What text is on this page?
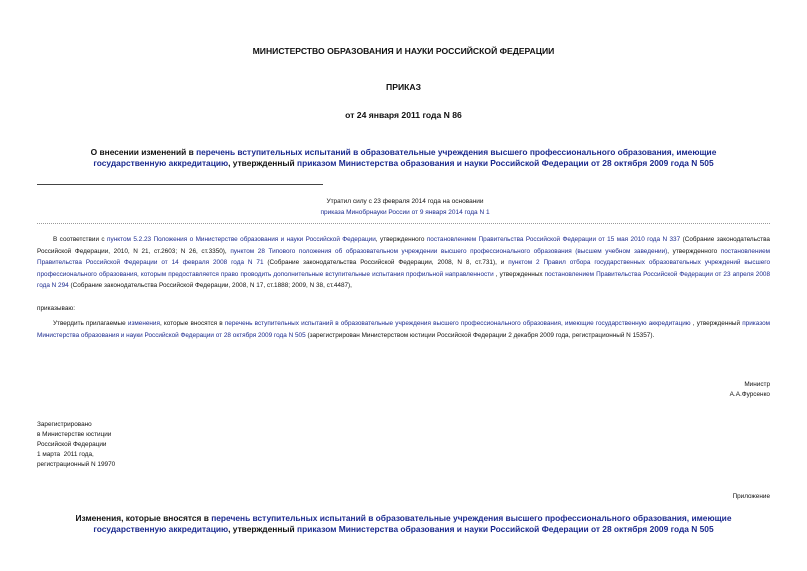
МИНИСТЕРСТВО ОБРАЗОВАНИЯ И НАУКИ РОССИЙСКОЙ ФЕДЕРАЦИИ
ПРИКАЗ
от 24 января 2011 года N 86
О внесении изменений в перечень вступительных испытаний в образовательные учреждения высшего профессионального образования, имеющие государственную аккредитацию, утвержденный приказом Министерства образования и науки Российской Федерации от 28 октября 2009 года N 505
Утратил силу с 23 февраля 2014 года на основании
приказа Минобрнауки России от 9 января 2014 года N 1
В соответствии с пунктом 5.2.23 Положения о Министерстве образования и науки Российской Федерации, утвержденного постановлением Правительства Российской Федерации от 15 мая 2010 года N 337 (Собрание законодательства Российской Федерации, 2010, N 21, ст.2603; N 26, ст.3350), пунктом 28 Типового положения об образовательном учреждении высшего профессионального образования (высшем учебном заведении), утвержденного постановлением Правительства Российской Федерации от 14 февраля 2008 года N 71 (Собрание законодательства Российской Федерации, 2008, N 8, ст.731), и пунктом 2 Правил отбора государственных образовательных учреждений высшего профессионального образования, которым предоставляется право проводить дополнительные вступительные испытания профильной направленности , утвержденных постановлением Правительства Российской Федерации от 23 апреля 2008 года N 294 (Собрание законодательства Российской Федерации, 2008, N 17, ст.1888; 2009, N 38, ст.4487),
приказываю:
Утвердить прилагаемые изменения, которые вносятся в перечень вступительных испытаний в образовательные учреждения высшего профессионального образования, имеющие государственную аккредитацию , утвержденный приказом Министерства образования и науки Российской Федерации от 28 октября 2009 года N 505 (зарегистрирован Министерством юстиции Российской Федерации 2 декабря 2009 года, регистрационный N 15357).
Министр
А.А.Фурсенко
Зарегистрировано
в Министерстве юстиции
Российской Федерации
1 марта  2011 года,
регистрационный N 19970
Приложение
Изменения, которые вносятся в перечень вступительных испытаний в образовательные учреждения высшего профессионального образования, имеющие государственную аккредитацию, утвержденный приказом Министерства образования и науки Российской Федерации от 28 октября 2009 года N 505
